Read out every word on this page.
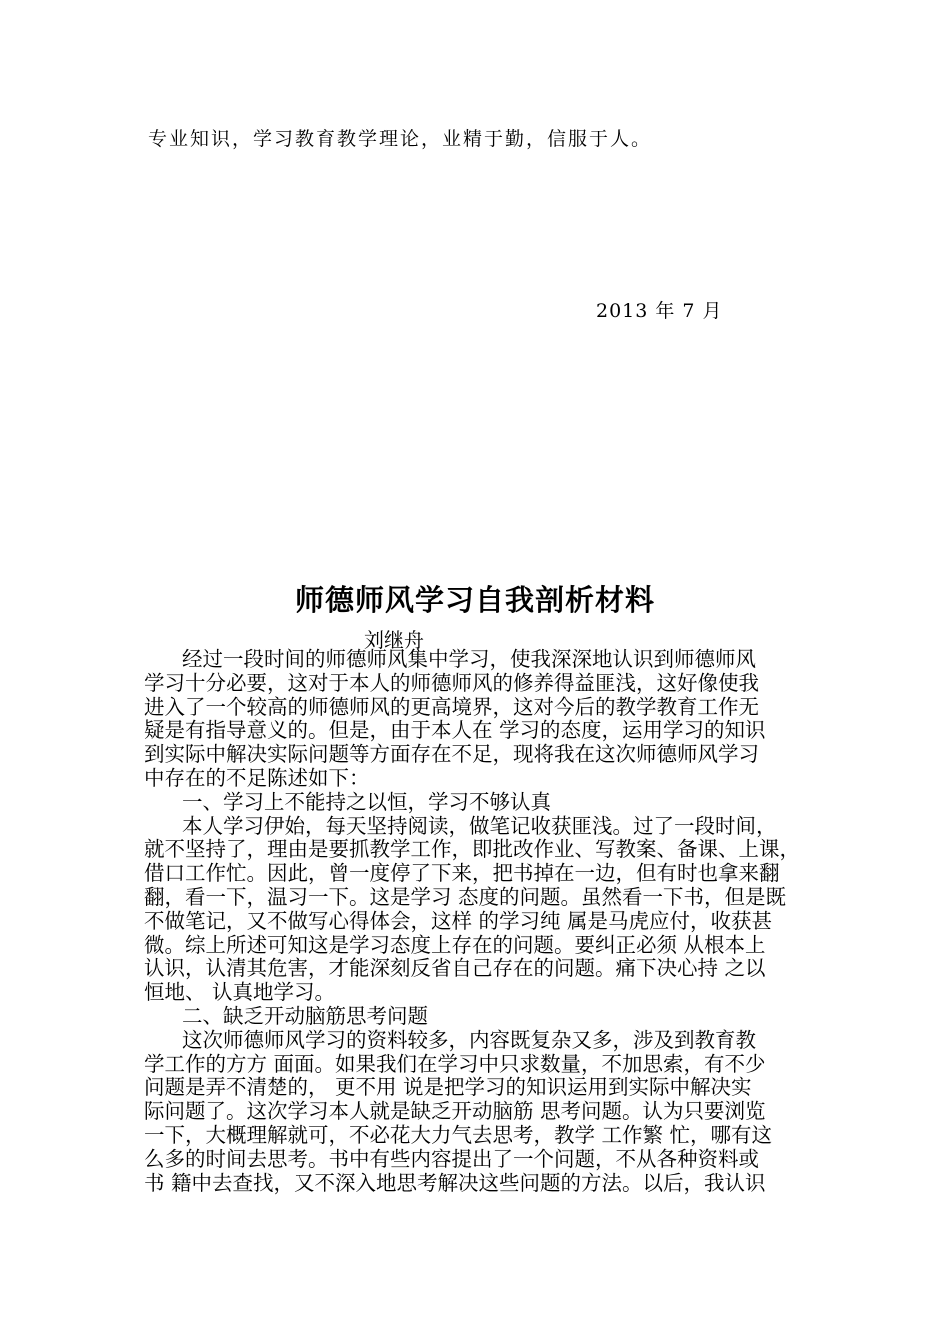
专业知识，学习教育教学理论，业精于勤，信服于人。
2013 年 7 月
师德师风学习自我剖析材料
刘继舟
经过一段时间的师德师风集中学习，使我深深地认识到师德师风
学习十分必要，这对于本人的师德师风的修养得益匪浅，这好像使我
进入了一个较高的师德师风的更高境界，这对今后的教学教育工作无
疑是有指导意义的。但是，由于本人在 学习的态度，运用学习的知识
到实际中解决实际问题等方面存在不足，现将我在这次师德师风学习
中存在的不足陈述如下：
一、学习上不能持之以恒，学习不够认真
本人学习伊始，每天坚持阅读，做笔记收获匪浅。过了一段时间，
就不坚持了，理由是要抓教学工作，即批改作业、写教案、备课、上课，
借口工作忙。因此，曾一度停了下来，把书掉在一边，但有时也拿来翻
翻，看一下，温习一下。这是学习 态度的问题。虽然看一下书，但是既
不做笔记，又不做写心得体会，这样 的学习纯 属是马虎应付，收获甚
微。综上所述可知这是学习态度上存在的问题。要纠正必须 从根本上
认识，认清其危害，才能深刻反省自己存在的问题。痛下决心持 之以
恒地、 认真地学习。
二、缺乏开动脑筋思考问题
这次师德师风学习的资料较多，内容既复杂又多，涉及到教育教
学工作的方方 面面。如果我们在学习中只求数量，不加思索，有不少
问题是弄不清楚的， 更不用 说是把学习的知识运用到实际中解决实
际问题了。这次学习本人就是缺乏开动脑筋 思考问题。认为只要浏览
一下，大概理解就可，不必花大力气去思考，教学 工作繁 忙，哪有这
么多的时间去思考。书中有些内容提出了一个问题，不从各种资料或
书 籍中去查找，又不深入地思考解决这些问题的方法。以后，我认识
